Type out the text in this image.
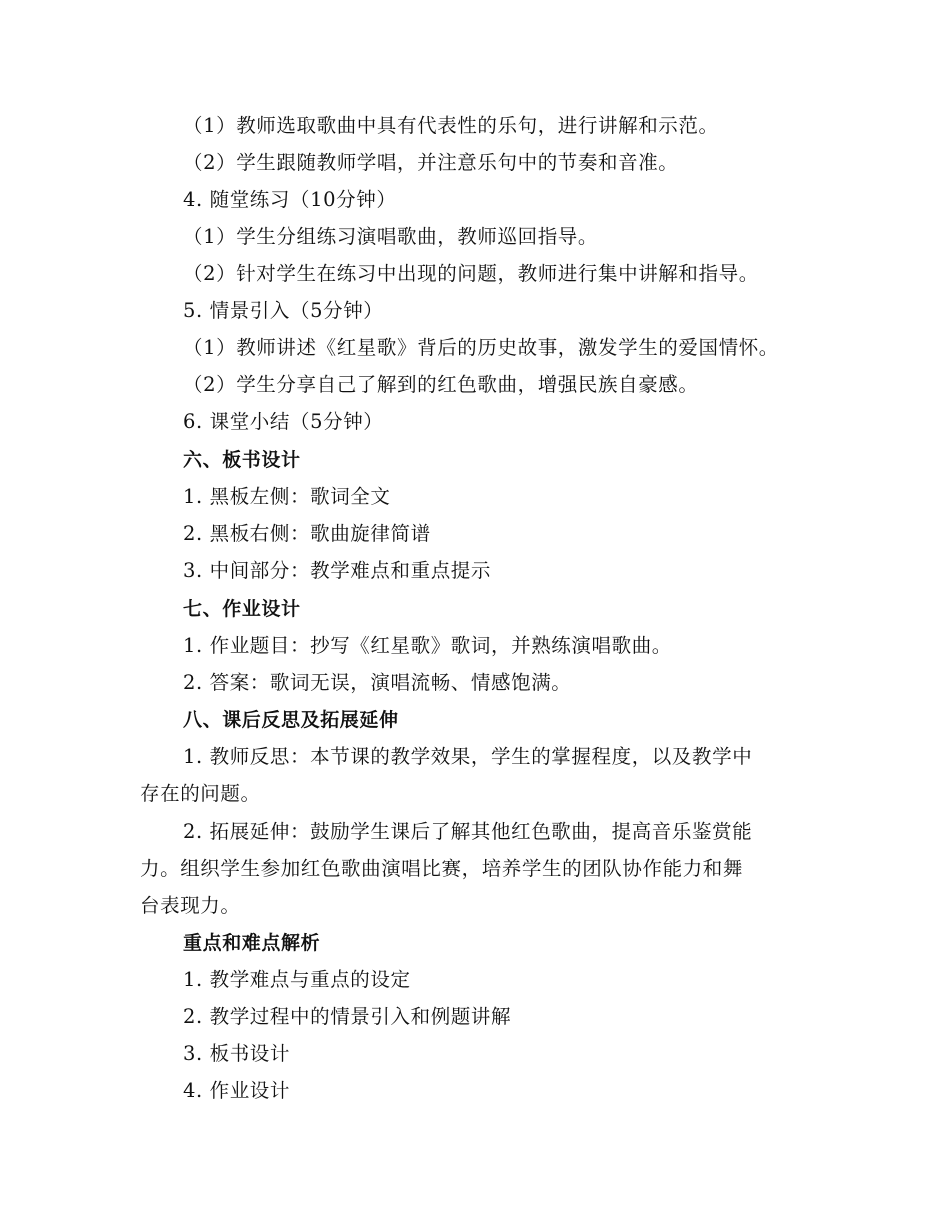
（1）教师选取歌曲中具有代表性的乐句，进行讲解和示范。
（2）学生跟随教师学唱，并注意乐句中的节奏和音准。
4. 随堂练习（10分钟）
（1）学生分组练习演唱歌曲，教师巡回指导。
（2）针对学生在练习中出现的问题，教师进行集中讲解和指导。
5. 情景引入（5分钟）
（1）教师讲述《红星歌》背后的历史故事，激发学生的爱国情怀。
（2）学生分享自己了解到的红色歌曲，增强民族自豪感。
6. 课堂小结（5分钟）
六、板书设计
1. 黑板左侧：歌词全文
2. 黑板右侧：歌曲旋律简谱
3. 中间部分：教学难点和重点提示
七、作业设计
1. 作业题目：抄写《红星歌》歌词，并熟练演唱歌曲。
2. 答案：歌词无误，演唱流畅、情感饱满。
八、课后反思及拓展延伸
1. 教师反思：本节课的教学效果，学生的掌握程度，以及教学中
存在的问题。
2. 拓展延伸：鼓励学生课后了解其他红色歌曲，提高音乐鉴赏能
力。组织学生参加红色歌曲演唱比赛，培养学生的团队协作能力和舞
台表现力。
重点和难点解析
1. 教学难点与重点的设定
2. 教学过程中的情景引入和例题讲解
3. 板书设计
4. 作业设计
